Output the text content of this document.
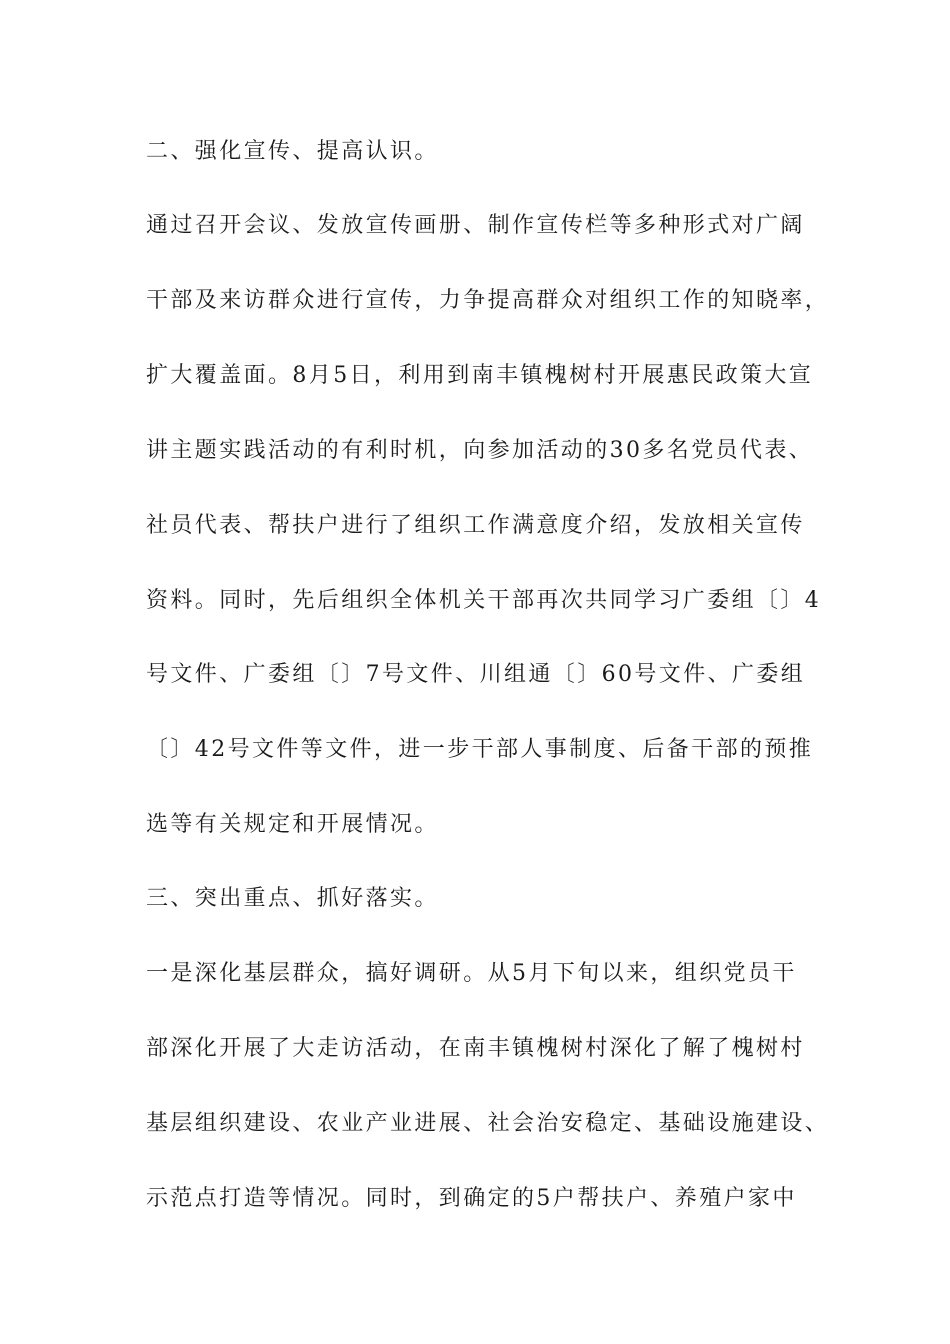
二、强化宣传、提高认识。
通过召开会议、发放宣传画册、制作宣传栏等多种形式对广阔
干部及来访群众进行宣传，力争提高群众对组织工作的知晓率，
扩大覆盖面。8月5日，利用到南丰镇槐树村开展惠民政策大宣
讲主题实践活动的有利时机，向参加活动的30多名党员代表、
社员代表、帮扶户进行了组织工作满意度介绍，发放相关宣传
资料。同时，先后组织全体机关干部再次共同学习广委组〔〕4
号文件、广委组〔〕7号文件、川组通〔〕60号文件、广委组
〔〕42号文件等文件，进一步干部人事制度、后备干部的预推
选等有关规定和开展情况。
三、突出重点、抓好落实。
一是深化基层群众，搞好调研。从5月下旬以来，组织党员干
部深化开展了大走访活动，在南丰镇槐树村深化了解了槐树村
基层组织建设、农业产业进展、社会治安稳定、基础设施建设、
示范点打造等情况。同时，到确定的5户帮扶户、养殖户家中
